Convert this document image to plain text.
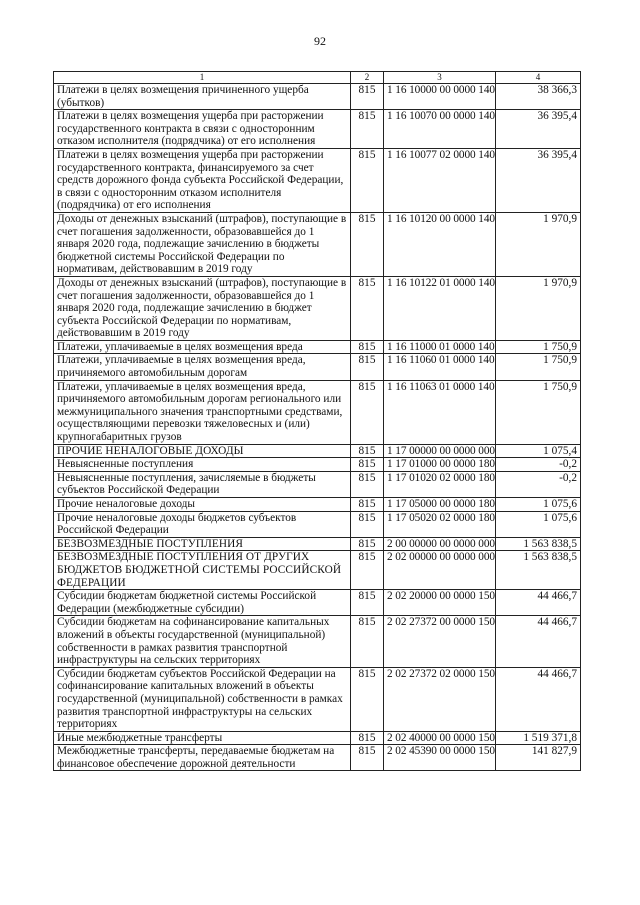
92
1	2	3	4
Платежи в целях возмещения причиненного ущерба (убытков)	815	1 16 10000 00 0000 140	38 366,3
Платежи в целях возмещения ущерба при расторжении государственного контракта в связи с односторонним отказом исполнителя (подрядчика) от его исполнения	815	1 16 10070 00 0000 140	36 395,4
Платежи в целях возмещения ущерба при расторжении государственного контракта, финансируемого за счет средств дорожного фонда субъекта Российской Федерации, в связи с односторонним отказом исполнителя (подрядчика) от его исполнения	815	1 16 10077 02 0000 140	36 395,4
Доходы от денежных взысканий (штрафов), поступающие в счет погашения задолженности, образовавшейся до 1 января 2020 года, подлежащие зачислению в бюджеты бюджетной системы Российской Федерации по нормативам, действовавшим в 2019 году	815	1 16 10120 00 0000 140	1 970,9
Доходы от денежных взысканий (штрафов), поступающие в счет погашения задолженности, образовавшейся до 1 января 2020 года, подлежащие зачислению в бюджет субъекта Российской Федерации по нормативам, действовавшим в 2019 году	815	1 16 10122 01 0000 140	1 970,9
Платежи, уплачиваемые в целях возмещения вреда	815	1 16 11000 01 0000 140	1 750,9
Платежи, уплачиваемые в целях возмещения вреда, причиняемого автомобильным дорогам	815	1 16 11060 01 0000 140	1 750,9
Платежи, уплачиваемые в целях возмещения вреда, причиняемого автомобильным дорогам регионального или межмуниципального значения транспортными средствами, осуществляющими перевозки тяжеловесных и (или) крупногабаритных грузов	815	1 16 11063 01 0000 140	1 750,9
ПРОЧИЕ НЕНАЛОГОВЫЕ ДОХОДЫ	815	1 17 00000 00 0000 000	1 075,4
Невыясненные поступления	815	1 17 01000 00 0000 180	-0,2
Невыясненные поступления, зачисляемые в бюджеты субъектов Российской Федерации	815	1 17 01020 02 0000 180	-0,2
Прочие неналоговые доходы	815	1 17 05000 00 0000 180	1 075,6
Прочие неналоговые доходы бюджетов субъектов Российской Федерации	815	1 17 05020 02 0000 180	1 075,6
БЕЗВОЗМЕЗДНЫЕ ПОСТУПЛЕНИЯ	815	2 00 00000 00 0000 000	1 563 838,5
БЕЗВОЗМЕЗДНЫЕ ПОСТУПЛЕНИЯ ОТ ДРУГИХ БЮДЖЕТОВ БЮДЖЕТНОЙ СИСТЕМЫ РОССИЙСКОЙ ФЕДЕРАЦИИ	815	2 02 00000 00 0000 000	1 563 838,5
Субсидии бюджетам бюджетной системы Российской Федерации (межбюджетные субсидии)	815	2 02 20000 00 0000 150	44 466,7
Субсидии бюджетам на софинансирование капитальных вложений в объекты государственной (муниципальной) собственности в рамках развития транспортной инфраструктуры на сельских территориях	815	2 02 27372 00 0000 150	44 466,7
Субсидии бюджетам субъектов Российской Федерации на софинансирование капитальных вложений в объекты государственной (муниципальной) собственности в рамках развития транспортной инфраструктуры на сельских территориях	815	2 02 27372 02 0000 150	44 466,7
Иные межбюджетные трансферты	815	2 02 40000 00 0000 150	1 519 371,8
Межбюджетные трансферты, передаваемые бюджетам на финансовое обеспечение дорожной деятельности	815	2 02 45390 00 0000 150	141 827,9
